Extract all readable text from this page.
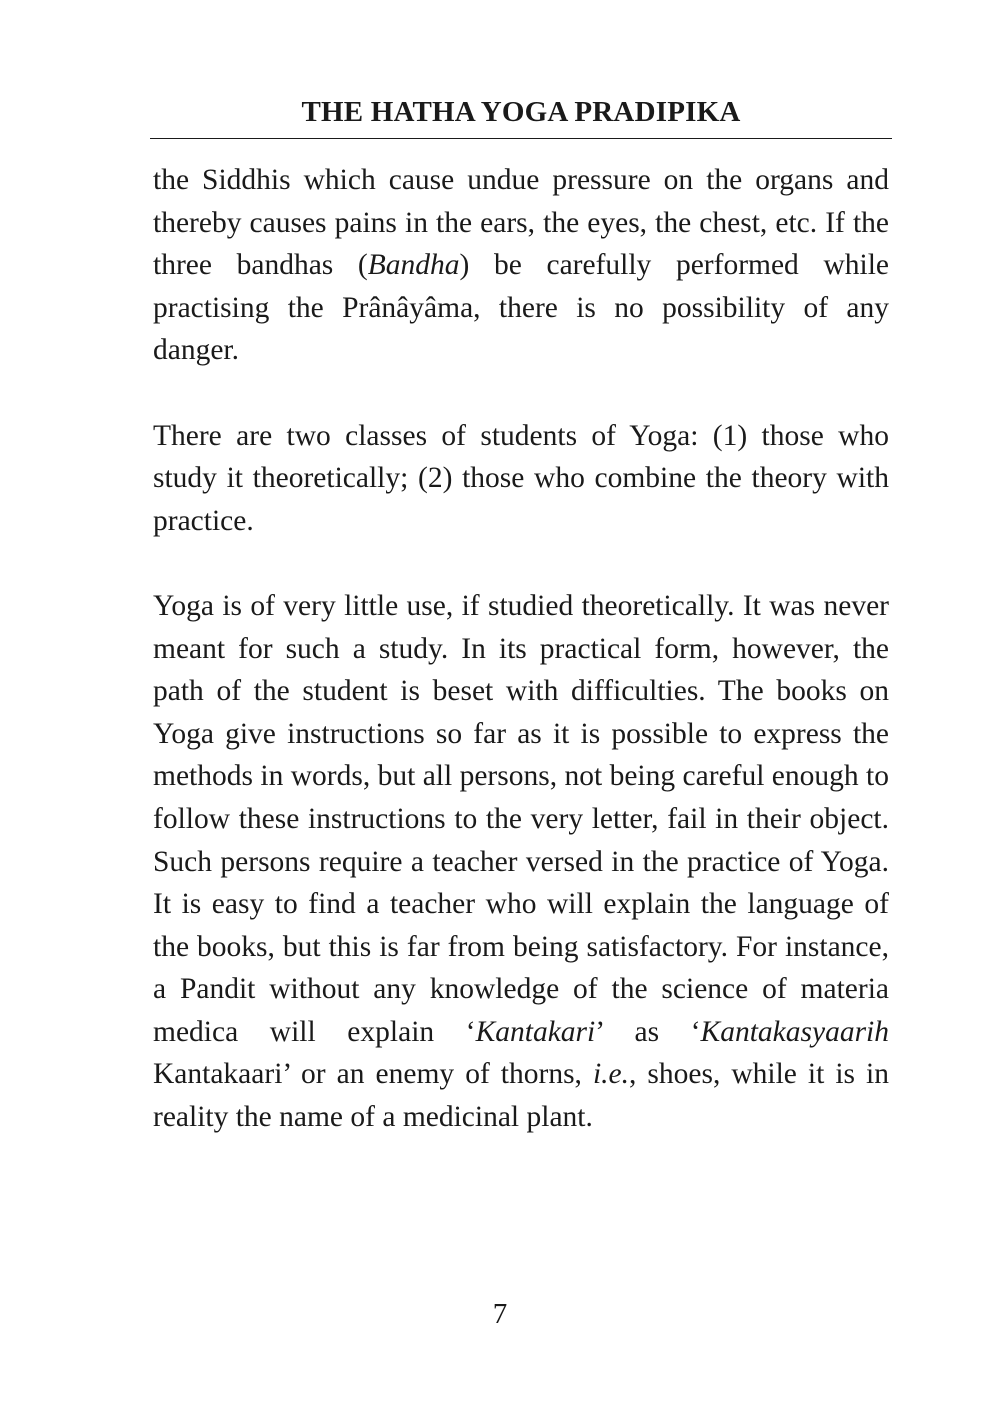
THE HATHA YOGA PRADIPIKA

the Siddhis which cause undue pressure on the organs and thereby causes pains in the ears, the eyes, the chest, etc. If the three bandhas (Bandha) be carefully performed while practising the Prânâyâma, there is no possibility of any danger.

There are two classes of students of Yoga: (1) those who study it theoretically; (2) those who combine the theory with practice.

Yoga is of very little use, if studied theoretically. It was never meant for such a study. In its practical form, however, the path of the student is beset with difficulties. The books on Yoga give instructions so far as it is possible to express the methods in words, but all persons, not being careful enough to follow these instructions to the very letter, fail in their object. Such persons require a teacher versed in the practice of Yoga. It is easy to find a teacher who will explain the language of the books, but this is far from being satisfactory. For instance, a Pandit without any knowledge of the science of materia medica will explain ‘Kantakari’ as ‘Kantakasyaarih Kantakaari’ or an enemy of thorns, i.e., shoes, while it is in reality the name of a medicinal plant.

7
